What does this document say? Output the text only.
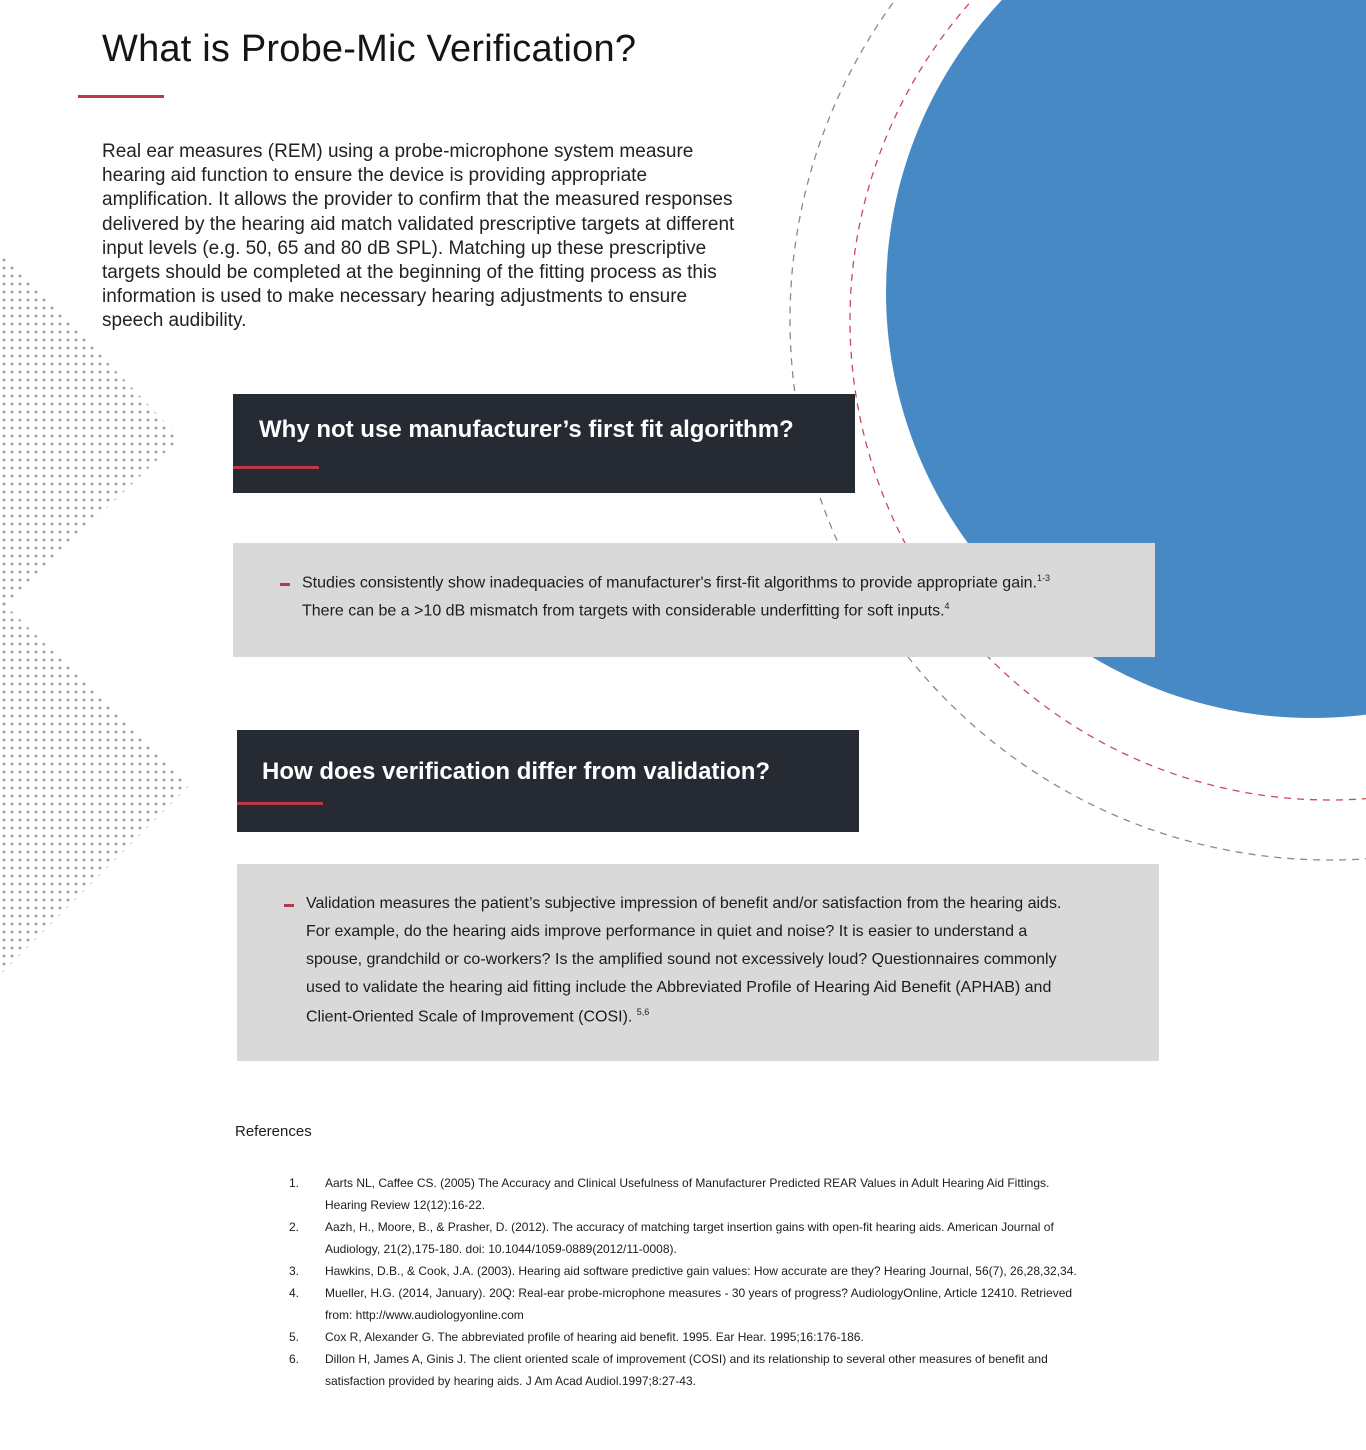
What is Probe-Mic Verification?

Real ear measures (REM) using a probe-microphone system measure hearing aid function to ensure the device is providing appropriate amplification. It allows the provider to confirm that the measured responses delivered by the hearing aid match validated prescriptive targets at different input levels (e.g. 50, 65 and 80 dB SPL). Matching up these prescriptive targets should be completed at the beginning of the fitting process as this information is used to make necessary hearing adjustments to ensure speech audibility.

Why not use manufacturer’s first fit algorithm?

Studies consistently show inadequacies of manufacturer's first-fit algorithms to provide appropriate gain.$^{1-3}$

There can be a >10 dB mismatch from targets with considerable underfitting for soft inputs.$^4$

How does verification differ from validation?

Validation measures the patient’s subjective impression of benefit and/or satisfaction from the hearing aids.

For example, do the hearing aids improve performance in quiet and noise? It is easier to understand a

spouse, grandchild or co-workers? Is the amplified sound not excessively loud? Questionnaires commonly

used to validate the hearing aid fitting include the Abbreviated Profile of Hearing Aid Benefit (APHAB) and

Client-Oriented Scale of Improvement (COSI). $^{5,6}$

References
1. Aarts NL, Caffee CS. (2005) The Accuracy and Clinical Usefulness of Manufacturer Predicted REAR Values in Adult Hearing Aid Fittings.
Hearing Review 12(12):16-22.
2. Aazh, H., Moore, B., & Prasher, D. (2012). The accuracy of matching target insertion gains with open-fit hearing aids. American Journal of
Audiology, 21(2),175-180. doi: 10.1044/1059-0889(2012/11-0008).
3. Hawkins, D.B., & Cook, J.A. (2003). Hearing aid software predictive gain values: How accurate are they? Hearing Journal, 56(7), 26,28,32,34.
4. Mueller, H.G. (2014, January). 20Q: Real-ear probe-microphone measures - 30 years of progress? AudiologyOnline, Article 12410. Retrieved
from: http://www.audiologyonline.com
5. Cox R, Alexander G. The abbreviated profile of hearing aid benefit. 1995. Ear Hear. 1995;16:176-186.
6. Dillon H, James A, Ginis J. The client oriented scale of improvement (COSI) and its relationship to several other measures of benefit and
satisfaction provided by hearing aids. J Am Acad Audiol.1997;8:27-43.
